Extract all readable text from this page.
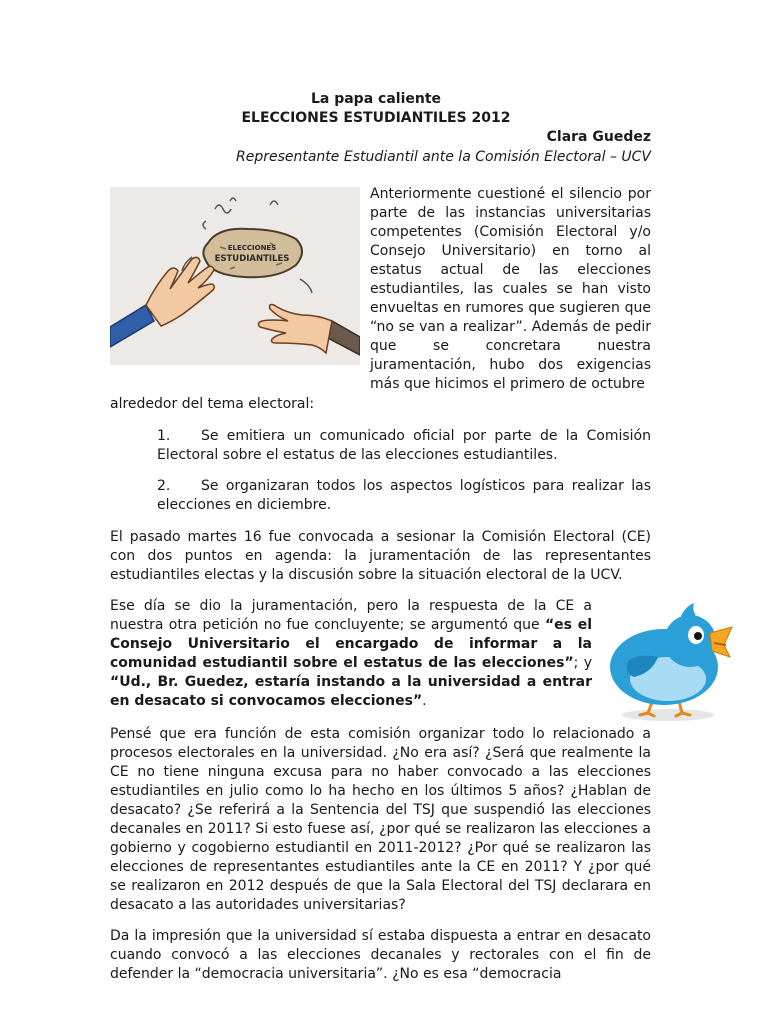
La papa caliente
ELECCIONES ESTUDIANTILES 2012
Clara Guedez
Representante Estudiantil ante la Comisión Electoral – UCV
ELECCIONES
ESTUDIANTILES

Anteriormente cuestioné el silencio por parte de las instancias universitarias competentes (Comisión Electoral y/o Consejo Universitario) en torno al estatus actual de las elecciones estudiantiles, las cuales se han visto envueltas en rumores que sugieren que “no se van a realizar”. Además de pedir que se concretara nuestra juramentación, hubo dos exigencias más que hicimos el primero de octubre

alrededor del tema electoral:

1. Se emitiera un comunicado oficial por parte de la Comisión Electoral sobre el estatus de las elecciones estudiantiles.
2. Se organizaran todos los aspectos logísticos para realizar las elecciones en diciembre.

El pasado martes 16 fue convocada a sesionar la Comisión Electoral (CE) con dos puntos en agenda: la juramentación de las representantes estudiantiles electas y la discusión sobre la situación electoral de la UCV.

Ese día se dio la juramentación, pero la respuesta de la CE a nuestra otra petición no fue concluyente; se argumentó que “es el Consejo Universitario el encargado de informar a la comunidad estudiantil sobre el estatus de las elecciones”; y “Ud., Br. Guedez, estaría instando a la universidad a entrar en desacato si convocamos elecciones”.

Pensé que era función de esta comisión organizar todo lo relacionado a procesos electorales en la universidad. ¿No era así? ¿Será que realmente la CE no tiene ninguna excusa para no haber convocado a las elecciones estudiantiles en julio como lo ha hecho en los últimos 5 años? ¿Hablan de desacato? ¿Se referirá a la Sentencia del TSJ que suspendió las elecciones decanales en 2011? Si esto fuese así, ¿por qué se realizaron las elecciones a gobierno y cogobierno estudiantil en 2011-2012? ¿Por qué se realizaron las elecciones de representantes estudiantiles ante la CE en 2011? Y ¿por qué se realizaron en 2012 después de que la Sala Electoral del TSJ declarara en desacato a las autoridades universitarias?

Da la impresión que la universidad sí estaba dispuesta a entrar en desacato cuando convocó a las elecciones decanales y rectorales con el fin de defender la “democracia universitaria”. ¿No es esa “democracia
